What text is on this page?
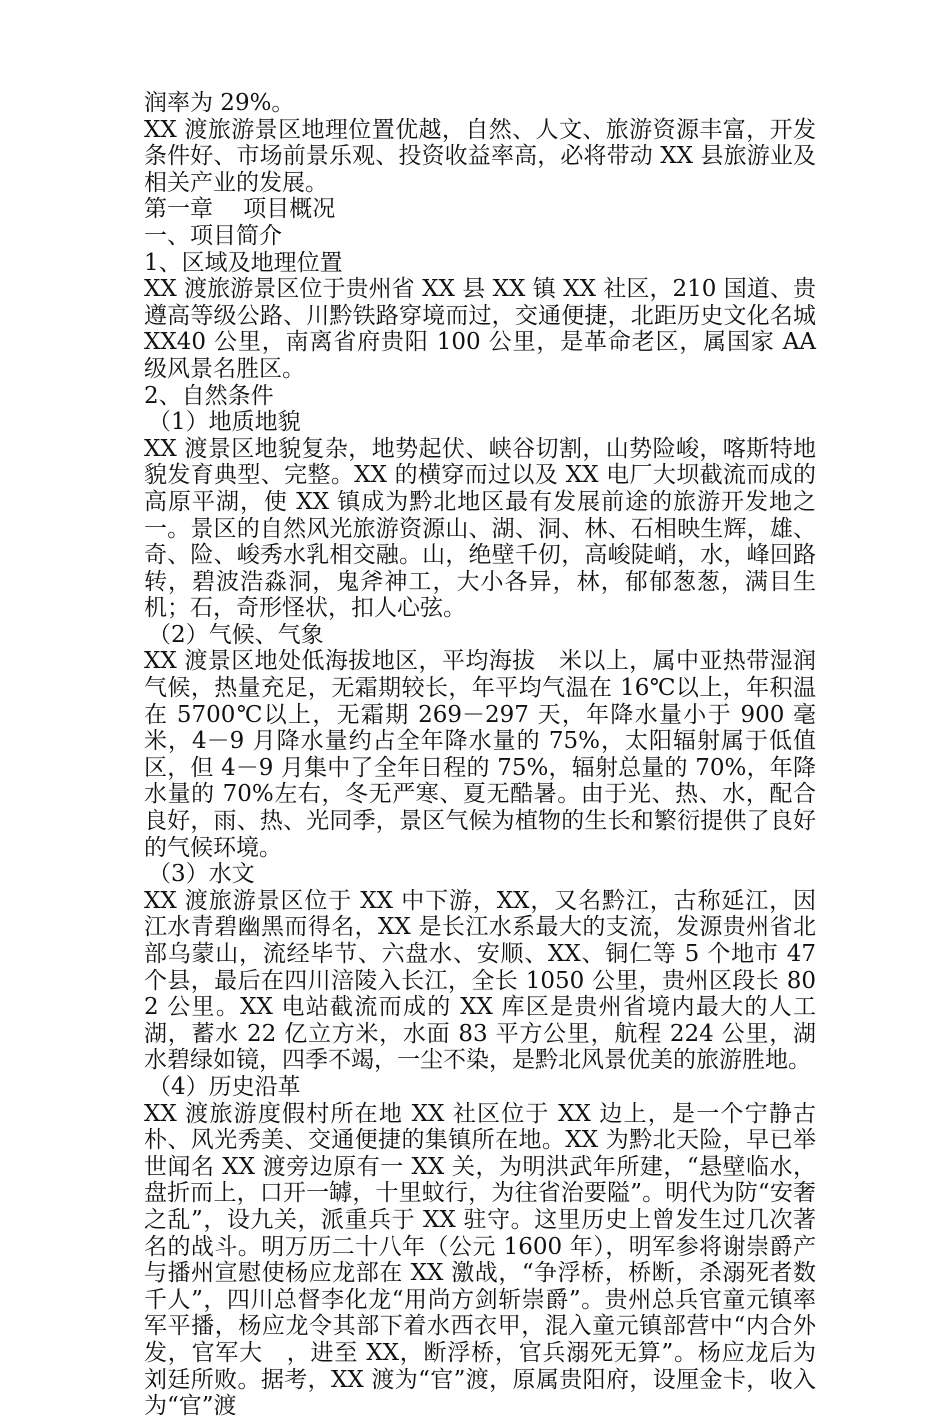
润率为 29%。

XX 渡旅游景区地理位置优越，自然、人文、旅游资源丰富，开发条件好、市场前景乐观、投资收益率高，必将带动 XX 县旅游业及相关产业的发展。

第一章　 项目概况

一、项目简介

1、区域及地理位置

XX 渡旅游景区位于贵州省 XX 县 XX 镇 XX 社区，210 国道、贵遵高等级公路、川黔铁路穿境而过，交通便捷，北距历史文化名城 XX40 公里，南离省府贵阳 100 公里，是革命老区，属国家 AA 级风景名胜区。

2、自然条件

（1）地质地貌

XX 渡景区地貌复杂，地势起伏、峡谷切割，山势险峻，喀斯特地貌发育典型、完整。XX 的横穿而过以及 XX 电厂大坝截流而成的高原平湖，使 XX 镇成为黔北地区最有发展前途的旅游开发地之一。景区的自然风光旅游资源山、湖、洞、林、石相映生辉，雄、奇、险、峻秀水乳相交融。山，绝壁千仞，高峻陡峭，水，峰回路转，碧波浩淼洞，鬼斧神工，大小各异，林，郁郁葱葱，满目生机；石，奇形怪状，扣人心弦。

（2）气候、气象

XX 渡景区地处低海拔地区，平均海拔　米以上，属中亚热带湿润气候，热量充足，无霜期较长，年平均气温在 16℃以上，年积温在 5700℃以上，无霜期 269－297 天，年降水量小于 900 毫米，4－9 月降水量约占全年降水量的 75%，太阳辐射属于低值区，但 4－9 月集中了全年日程的 75%，辐射总量的 70%，年降水量的 70%左右，冬无严寒、夏无酷暑。由于光、热、水，配合良好，雨、热、光同季，景区气候为植物的生长和繁衍提供了良好的气候环境。

（3）水文

XX 渡旅游景区位于 XX 中下游，XX，又名黔江，古称延江，因江水青碧幽黑而得名，XX 是长江水系最大的支流，发源贵州省北部乌蒙山，流经毕节、六盘水、安顺、XX、铜仁等 5 个地市 47 个县，最后在四川涪陵入长江，全长 1050 公里，贵州区段长 802 公里。XX 电站截流而成的 XX 库区是贵州省境内最大的人工湖，蓄水 22 亿立方米，水面 83 平方公里，航程 224 公里，湖水碧绿如镜，四季不竭，一尘不染，是黔北风景优美的旅游胜地。

（4）历史沿革

XX 渡旅游度假村所在地 XX 社区位于 XX 边上，是一个宁静古朴、风光秀美、交通便捷的集镇所在地。XX 为黔北天险，早已举世闻名 XX 渡旁边原有一 XX 关，为明洪武年所建，“悬壁临水，盘折而上，口开一罅，十里蚊行，为往省治要隘”。明代为防“安奢之乱”，设九关，派重兵于 XX 驻守。这里历史上曾发生过几次著名的战斗。明万历二十八年（公元 1600 年），明军参将谢崇爵产与播州宣慰使杨应龙部在 XX 激战，“争浮桥，桥断，杀溺死者数千人”，四川总督李化龙“用尚方剑斩崇爵”。贵州总兵官童元镇率军平播，杨应龙令其部下着水西衣甲，混入童元镇部营中“内合外发，官军大　，进至 XX，断浮桥，官兵溺死无算”。杨应龙后为刘廷所败。据考，XX 渡为“官”渡，原属贵阳府，设厘金卡，收入为“官”渡
